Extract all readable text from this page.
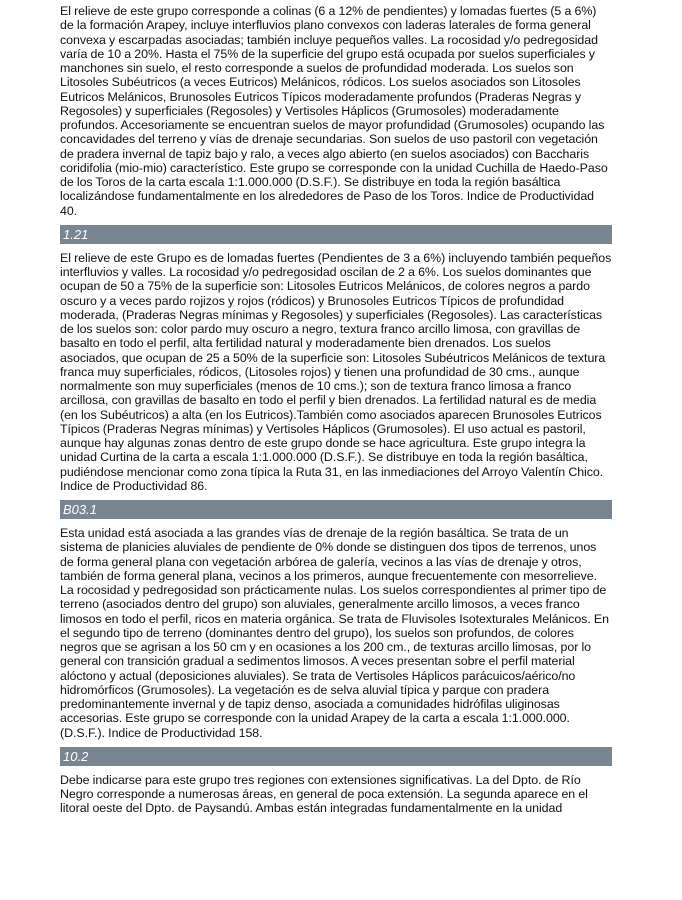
El relieve de este grupo corresponde a colinas (6 a 12% de pendientes) y lomadas fuertes (5 a 6%) de la formación Arapey, incluye interfluvios plano convexos con laderas laterales de forma general convexa y escarpadas asociadas; también incluye pequeños valles. La rocosidad y/o pedregosidad varía de 10 a 20%. Hasta el 75% de la superficie del grupo está ocupada por suelos superficiales y manchones sin suelo, el resto corresponde a suelos de profundidad moderada. Los suelos son Litosoles Subéutricos (a veces Eutricos) Melánicos, ródicos. Los suelos asociados son Litosoles Eutricos Melánicos, Brunosoles Eutricos Típicos moderadamente profundos (Praderas Negras y Regosoles) y superficiales (Regosoles) y Vertisoles Háplicos (Grumosoles) moderadamente profundos. Accesoriamente se encuentran suelos de mayor profundidad (Grumosoles) ocupando las concavidades del terreno y vías de drenaje secundarias. Son suelos de uso pastoril con vegetación de pradera invernal de tapiz bajo y ralo, a veces algo abierto (en suelos asociados) con Baccharis coridifolia (mio-mio) característico. Este grupo se corresponde con la unidad Cuchilla de Haedo-Paso de los Toros de la carta escala 1:1.000.000 (D.S.F.). Se distribuye en toda la región basáltica localizándose fundamentalmente en los alrededores de Paso de los Toros. Indice de Productividad 40.

1.21

El relieve de este Grupo es de lomadas fuertes (Pendientes de 3 a 6%) incluyendo también pequeños interfluvios y valles. La rocosidad y/o pedregosidad oscilan de 2 a 6%. Los suelos dominantes que ocupan de 50 a 75% de la superficie son: Litosoles Eutricos Melánicos, de colores negros a pardo oscuro y a veces pardo rojizos y rojos (ródicos) y Brunosoles Eutricos Típicos de profundidad moderada, (Praderas Negras mínimas y Regosoles) y superficiales (Regosoles). Las características de los suelos son: color pardo muy oscuro a negro, textura franco arcillo limosa, con gravillas de basalto en todo el perfil, alta fertilidad natural y moderadamente bien drenados. Los suelos asociados, que ocupan de 25 a 50% de la superficie son: Litosoles Subéutricos Melánicos de textura franca muy superficiales, ródicos, (Litosoles rojos) y tienen una profundidad de 30 cms., aunque normalmente son muy superficiales (menos de 10 cms.); son de textura franco limosa a franco arcillosa, con gravillas de basalto en todo el perfil y bien drenados. La fertilidad natural es de media (en los Subéutricos) a alta (en los Eutricos).También como asociados aparecen Brunosoles Eutricos Típicos (Praderas Negras mínimas) y Vertisoles Háplicos (Grumosoles). El uso actual es pastoril, aunque hay algunas zonas dentro de este grupo donde se hace agricultura. Este grupo integra la unidad Curtina de la carta a escala 1:1.000.000 (D.S.F.). Se distribuye en toda la región basáltica, pudiéndose mencionar como zona típica la Ruta 31, en las inmediaciones del Arroyo Valentín Chico. Indice de Productividad 86.

B03.1

Esta unidad está asociada a las grandes vías de drenaje de la región basáltica. Se trata de un sistema de planicies aluviales de pendiente de 0% donde se distinguen dos tipos de terrenos, unos de forma general plana con vegetación arbórea de galería, vecinos a las vías de drenaje y otros, también de forma general plana, vecinos a los primeros, aunque frecuentemente con mesorrelieve. La rocosidad y pedregosidad son prácticamente nulas. Los suelos correspondientes al primer tipo de terreno (asociados dentro del grupo) son aluviales, generalmente arcillo limosos, a veces franco limosos en todo el perfil, ricos en materia orgánica. Se trata de Fluvisoles Isotexturales Melánicos. En el segundo tipo de terreno (dominantes dentro del grupo), los suelos son profundos, de colores negros que se agrisan a los 50 cm y en ocasiones a los 200 cm., de texturas arcillo limosas, por lo general con transición gradual a sedimentos limosos. A veces presentan sobre el perfil material alóctono y actual (deposiciones aluviales). Se trata de Vertisoles Háplicos parácuicos/aérico/no hidromórficos (Grumosoles). La vegetación es de selva aluvial típica y parque con pradera predominantemente invernal y de tapiz denso, asociada a comunidades hidrófilas uliginosas accesorias. Este grupo se corresponde con la unidad Arapey de la carta a escala 1:1.000.000. (D.S.F.). Indice de Productividad 158.

10.2

Debe indicarse para este grupo tres regiones con extensiones significativas. La del Dpto. de Río Negro corresponde a numerosas áreas, en general de poca extensión. La segunda aparece en el litoral oeste del Dpto. de Paysandú. Ambas están integradas fundamentalmente en la unidad
